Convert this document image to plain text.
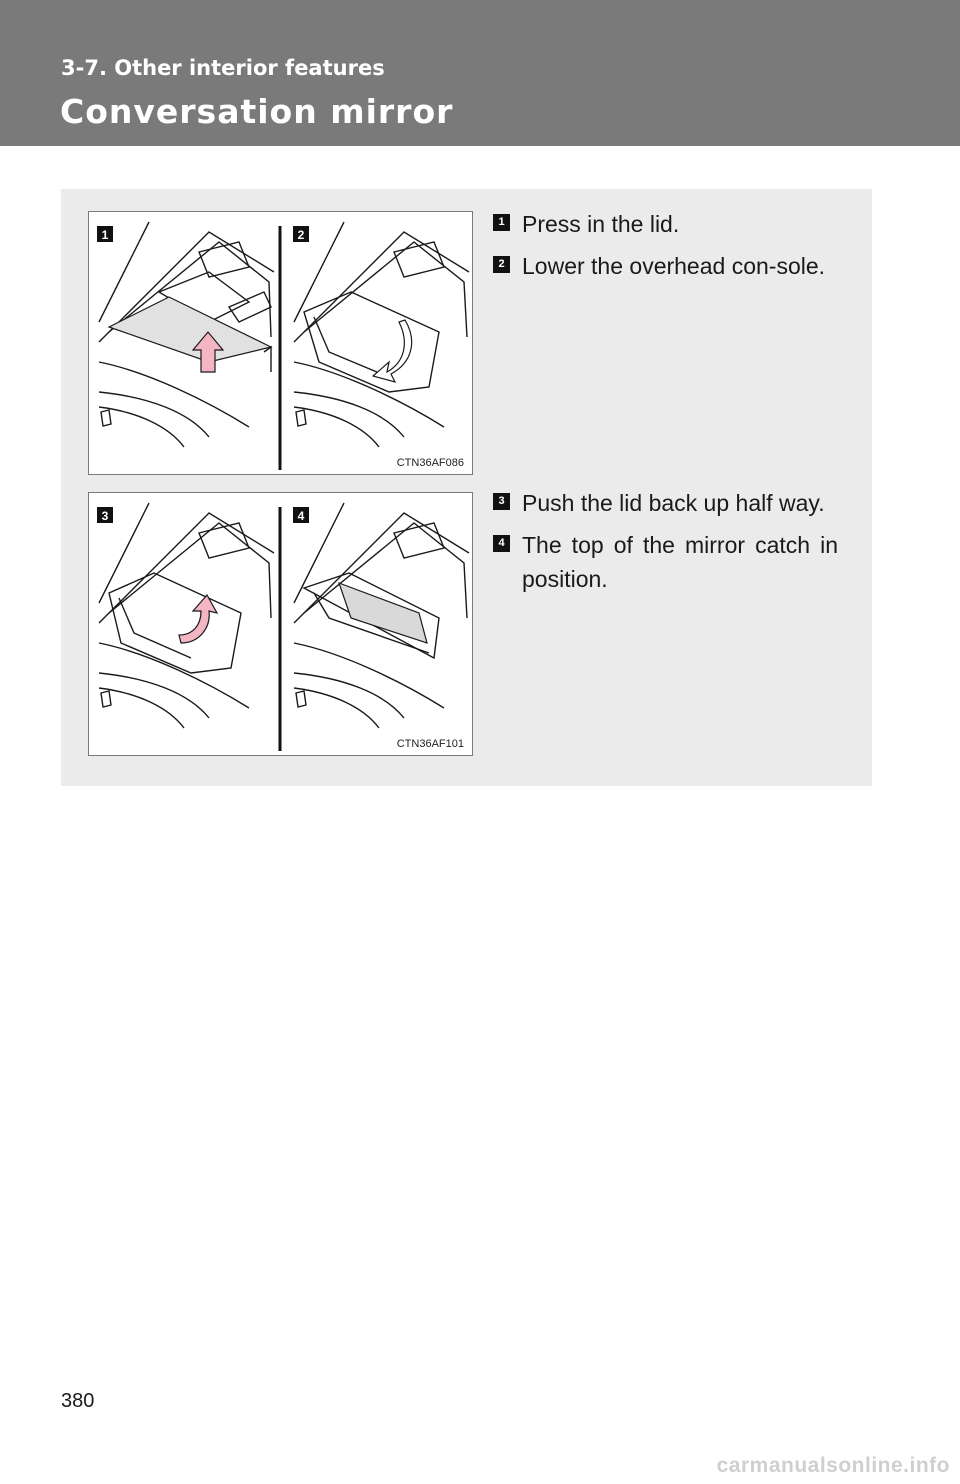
3-7. Other interior features
Conversation mirror
1	2
CTN36AF086
1 Press in the lid.
2 Lower the overhead con-sole.
3	4
CTN36AF101
3 Push the lid back up half way.
4 The top of the mirror catch in position.
380
carmanualsonline.info
